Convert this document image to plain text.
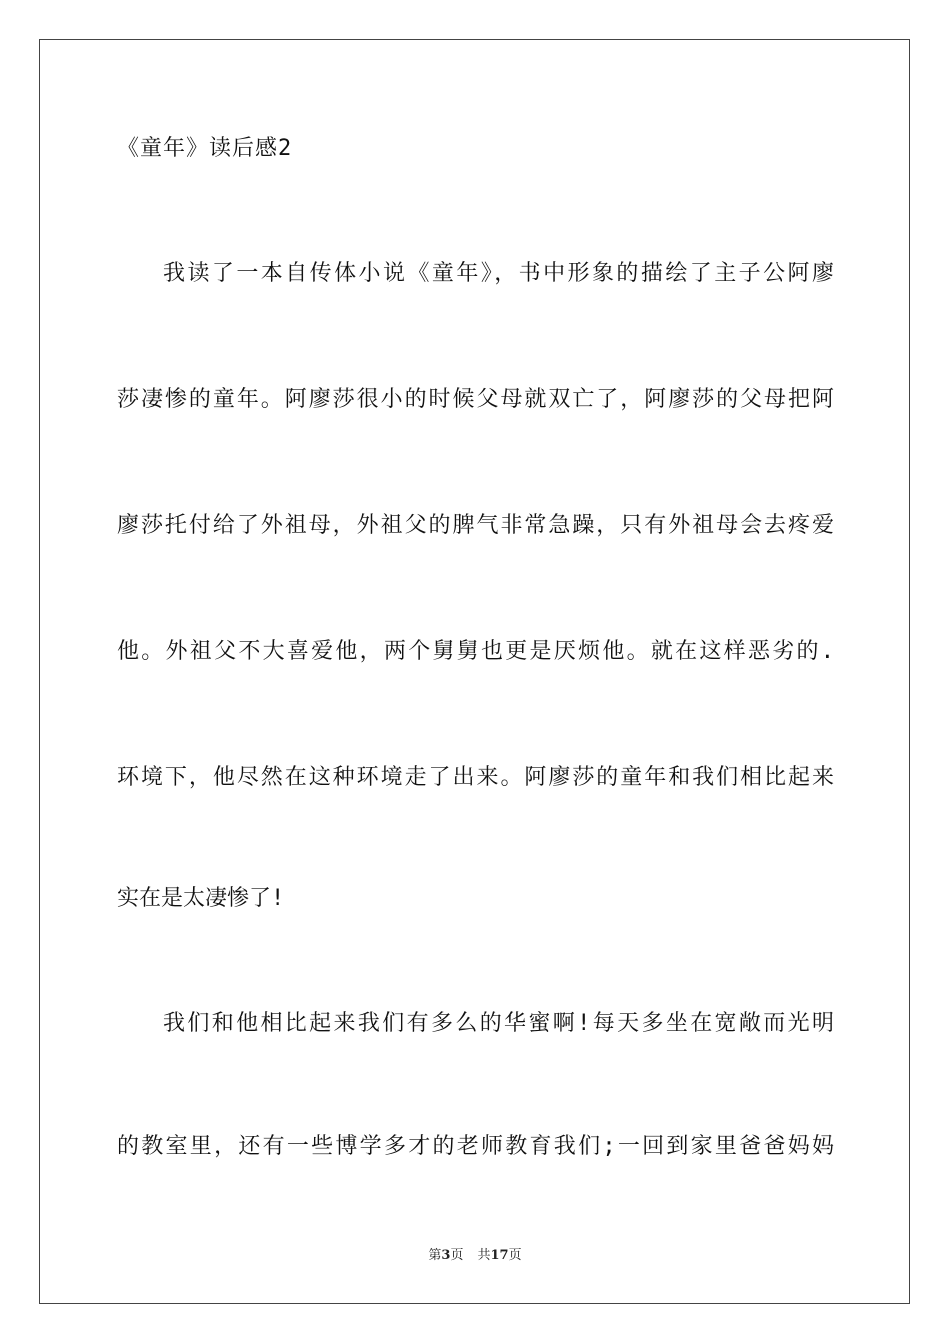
《童年》读后感2
我读了一本自传体小说《童年》，书中形象的描绘了主子公阿廖
莎凄惨的童年。阿廖莎很小的时候父母就双亡了，阿廖莎的父母把阿
廖莎托付给了外祖母，外祖父的脾气非常急躁，只有外祖母会去疼爱
他。外祖父不大喜爱他，两个舅舅也更是厌烦他。就在这样恶劣的.
环境下，他尽然在这种环境走了出来。阿廖莎的童年和我们相比起来
实在是太凄惨了!
我们和他相比起来我们有多么的华蜜啊!每天多坐在宽敞而光明
的教室里，还有一些博学多才的老师教育我们;一回到家里爸爸妈妈
第3页 共17页
